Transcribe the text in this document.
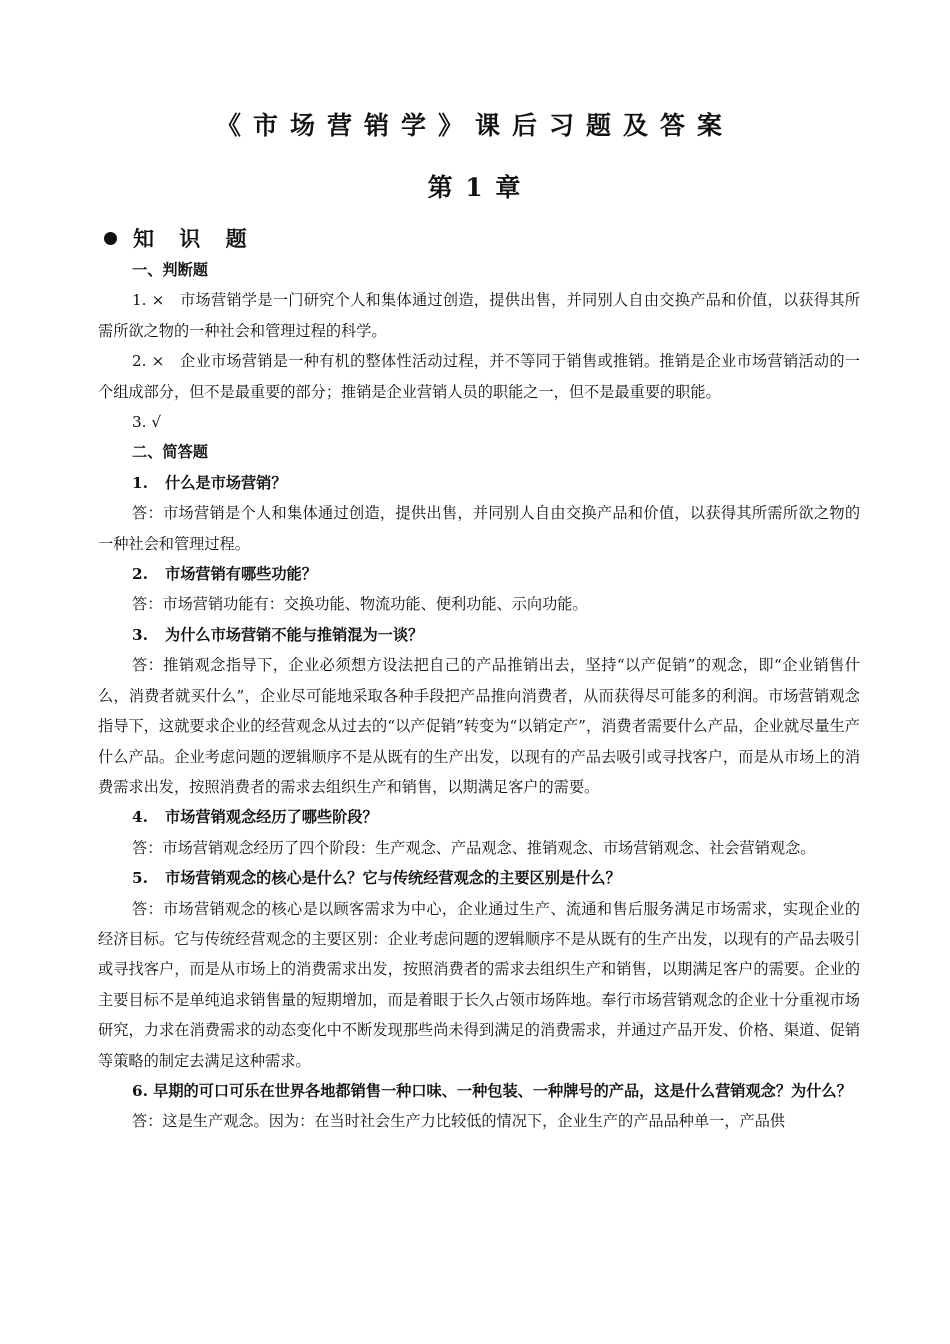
《市场营销学》课后习题及答案
第 1 章
知 识 题
一、判断题
1. ×　市场营销学是一门研究个人和集体通过创造，提供出售，并同别人自由交换产品和价值，以获得其所需所欲之物的一种社会和管理过程的科学。
2. ×　企业市场营销是一种有机的整体性活动过程，并不等同于销售或推销。推销是企业市场营销活动的一个组成部分，但不是最重要的部分；推销是企业营销人员的职能之一，但不是最重要的职能。
3. √
二、简答题
1. 什么是市场营销？
答：市场营销是个人和集体通过创造，提供出售，并同别人自由交换产品和价值，以获得其所需所欲之物的一种社会和管理过程。
2. 市场营销有哪些功能？
答：市场营销功能有：交换功能、物流功能、便利功能、示向功能。
3. 为什么市场营销不能与推销混为一谈？
答：推销观念指导下，企业必须想方设法把自己的产品推销出去，坚持“以产促销”的观念，即“企业销售什么，消费者就买什么”，企业尽可能地采取各种手段把产品推向消费者，从而获得尽可能多的利润。市场营销观念指导下，这就要求企业的经营观念从过去的“以产促销”转变为“以销定产”，消费者需要什么产品，企业就尽量生产什么产品。企业考虑问题的逻辑顺序不是从既有的生产出发，以现有的产品去吸引或寻找客户，而是从市场上的消费需求出发，按照消费者的需求去组织生产和销售，以期满足客户的需要。
4. 市场营销观念经历了哪些阶段？
答：市场营销观念经历了四个阶段：生产观念、产品观念、推销观念、市场营销观念、社会营销观念。
5. 市场营销观念的核心是什么？它与传统经营观念的主要区别是什么？
答：市场营销观念的核心是以顾客需求为中心，企业通过生产、流通和售后服务满足市场需求，实现企业的经济目标。它与传统经营观念的主要区别：企业考虑问题的逻辑顺序不是从既有的生产出发，以现有的产品去吸引或寻找客户，而是从市场上的消费需求出发，按照消费者的需求去组织生产和销售，以期满足客户的需要。企业的主要目标不是单纯追求销售量的短期增加，而是着眼于长久占领市场阵地。奉行市场营销观念的企业十分重视市场研究，力求在消费需求的动态变化中不断发现那些尚未得到满足的消费需求，并通过产品开发、价格、渠道、促销等策略的制定去满足这种需求。
6. 早期的可口可乐在世界各地都销售一种口味、一种包装、一种牌号的产品，这是什么营销观念？为什么？
答：这是生产观念。因为：在当时社会生产力比较低的情况下，企业生产的产品品种单一，产品供
